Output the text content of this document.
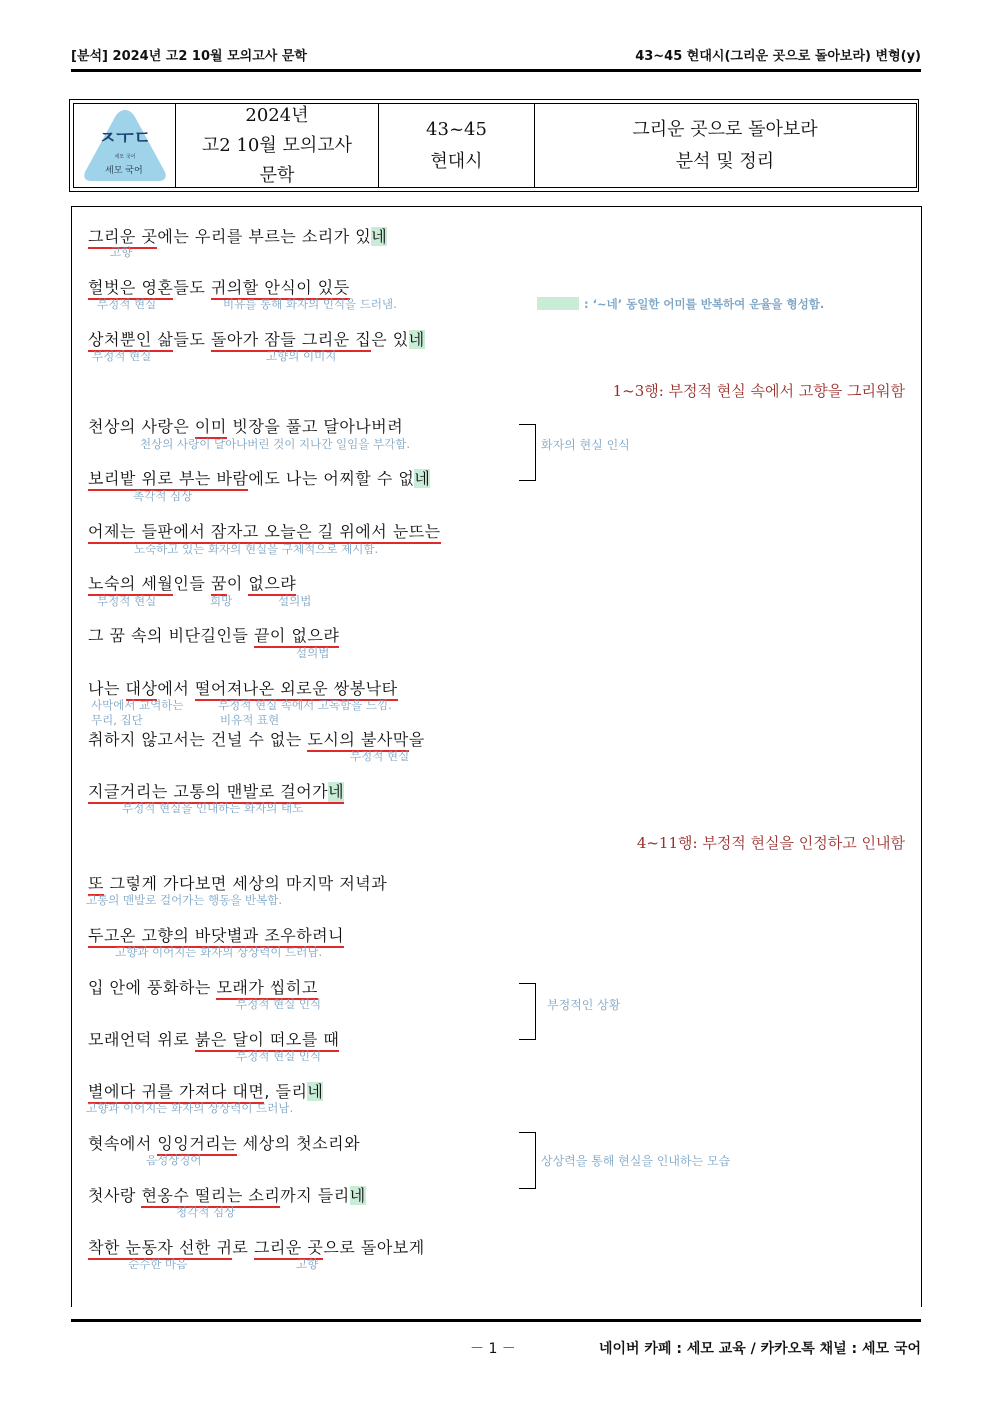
[분석] 2024년 고2 10월 모의고사 문학	43~45 현대시(그리운 곳으로 돌아보라) 변형(y)
ㅈㅜㄷ
세모 국어
세모 국어
2024년
고2 10월 모의고사
문학
43~45
현대시
그리운 곳으로 돌아보라
분석 및 정리
: ‘~네’ 동일한 어미를 반복하여 운율을 형성함.
그리운 곳에는 우리를 부르는 소리가 있네
고향
헐벗은 영혼들도 귀의할 안식이 있듯
부정적 현실	비유를 통해 화자의 인식을 드러냄.
상처뿐인 삶들도 돌아가 잠들 그리운 집은 있네
부정적 현실	고향의 이미지
1~3행: 부정적 현실 속에서 고향을 그리워함
천상의 사랑은 이미 빗장을 풀고 달아나버려
천상의 사랑이 달아나버린 것이 지나간 일임을 부각함.
보리밭 위로 부는 바람에도 나는 어찌할 수 없네
촉각적 심상
화자의 현실 인식
어제는 들판에서 잠자고 오늘은 길 위에서 눈뜨는
노숙하고 있는 화자의 현실을 구체적으로 제시함.
노숙의 세월인들 꿈이 없으랴
부정적 현실	희망	설의법
그 꿈 속의 비단길인들 끝이 없으랴
설의법
나는 대상에서 떨어져나온 외로운 쌍봉낙타
사막에서 교역하는
무리, 집단
부정적 현실 속에서 고독함을 느낌.
비유적 표현
취하지 않고서는 건널 수 없는 도시의 불사막을
부정적 현실
지글거리는 고통의 맨발로 걸어가네
부정적 현실을 인내하는 화자의 태도
4~11행: 부정적 현실을 인정하고 인내함
또 그렇게 가다보면 세상의 마지막 저녁과
고통의 맨발로 걸어가는 행동을 반복함.
두고온 고향의 바닷별과 조우하려니
고향과 이어지는 화자의 상상력이 드러남.
입 안에 풍화하는 모래가 씹히고
부정적 현실 인식
모래언덕 위로 붉은 달이 떠오를 때
부정적 현실 인식
부정적인 상황
별에다 귀를 가져다 대면, 들리네
고향과 이어지는 화자의 상상력이 드러남.
혓속에서 잉잉거리는 세상의 첫소리와
음성상징어
첫사랑 현옹수 떨리는 소리까지 들리네
청각적 심상
상상력을 통해 현실을 인내하는 모습
착한 눈동자 선한 귀로 그리운 곳으로 돌아보게
순수한 마음	고향
－ 1 －	네이버 카페 : 세모 교육 / 카카오톡 채널 : 세모 국어
